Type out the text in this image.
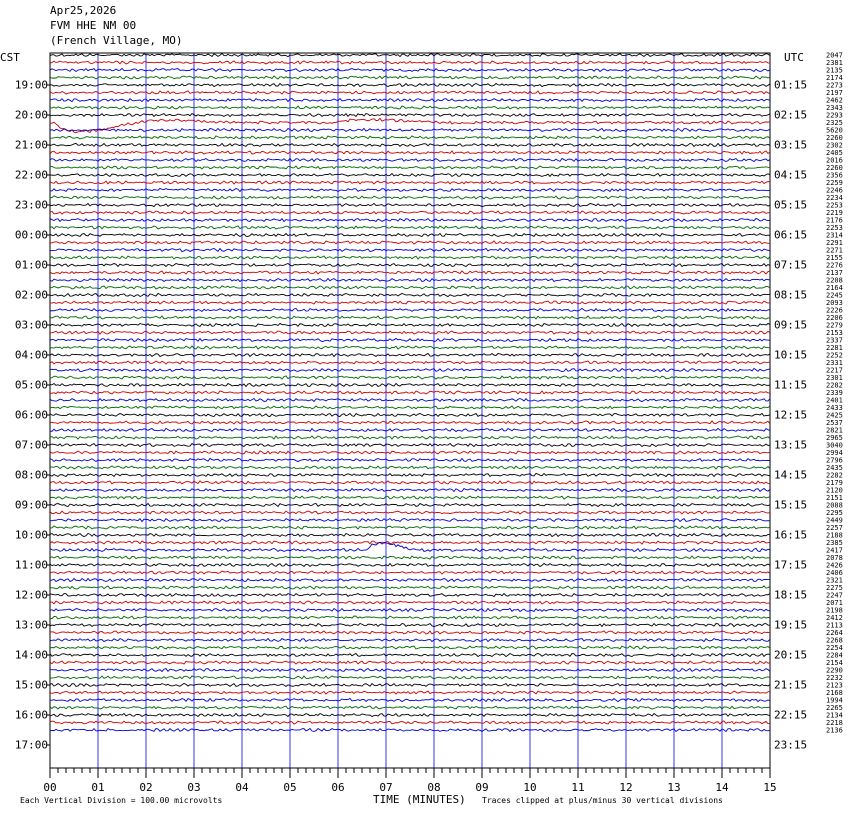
Apr25,2026
FVM HHE NM 00
(French Village, MO)
CST	UTC	2047
2381
2135
2174
2273
2197
2462
2343
2293
2325
5620
2260
2302
2405
2016
2260
2356
2259
2246
2234
2253
2219
2176
2253
2314
2291
2271
2155
2276
2137
2208
2164
2245
2093
2226
2206
2279
2153
2337
2281
2252
2331
2217
2301
2282
2339
2401
2433
2425
2537
2821
2965
3040
2994
2796
2435
2282
2179
2120
2151
2088
2295
2449
2257
2188
2385
2417
2078
2426
2406
2321
2275
2247
2071
2198
2412
2113
2264
2268
2254
2284
2154
2290
2232
2123
2168
1994
2265
2134
2218
2136
19:00
20:00
21:00
22:00
23:00
00:00
01:00
02:00
03:00
04:00
05:00
06:00
07:00
08:00
09:00
10:00
11:00
12:00
13:00
14:00
15:00
16:00
17:00
01:15
02:15
03:15
04:15
05:15
06:15
07:15
08:15
09:15
10:15
11:15
12:15
13:15
14:15
15:15
16:15
17:15
18:15
19:15
20:15
21:15
22:15
23:15
00	01	02	03	04	05	06	07	08	09	10	11	12	13	14	15
Each Vertical Division = 100.00 microvolts	TIME (MINUTES) Traces clipped at plus/minus 30 vertical divisions
